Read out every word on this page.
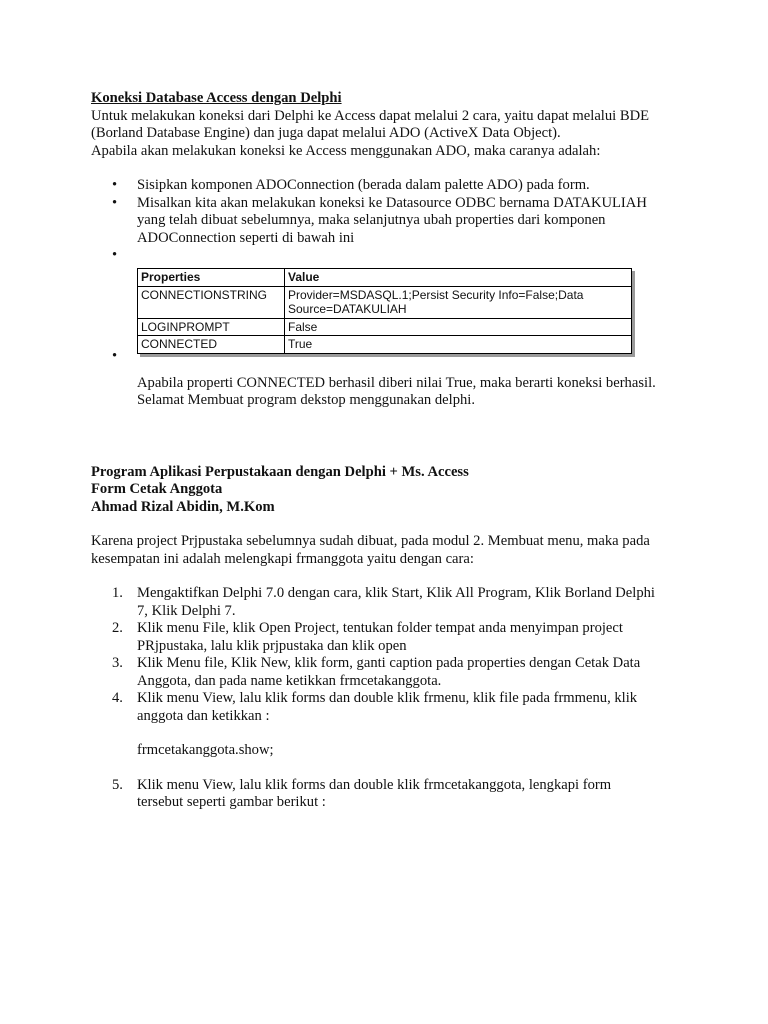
Koneksi Database Access dengan Delphi
Untuk melakukan koneksi dari Delphi ke Access dapat melalui 2 cara, yaitu dapat melalui BDE
(Borland Database Engine) dan juga dapat melalui ADO (ActiveX Data Object).
Apabila akan melakukan koneksi ke Access menggunakan ADO, maka caranya adalah:
• Sisipkan komponen ADOConnection (berada dalam palette ADO) pada form.
• Misalkan kita akan melakukan koneksi ke Datasource ODBC bernama DATAKULIAH
yang telah dibuat sebelumnya, maka selanjutnya ubah properties dari komponen
ADOConnection seperti di bawah ini
•
Properties	Value
CONNECTIONSTRING	Provider=MSDASQL.1;Persist Security Info=False;Data
Source=DATAKULIAH
LOGINPROMPT	False
CONNECTED	True
•
Apabila properti CONNECTED berhasil diberi nilai True, maka berarti koneksi berhasil.
Selamat Membuat program dekstop menggunakan delphi.
Program Aplikasi Perpustakaan dengan Delphi + Ms. Access
Form Cetak Anggota
Ahmad Rizal Abidin, M.Kom
Karena project Prjpustaka sebelumnya sudah dibuat, pada modul 2. Membuat menu, maka pada
kesempatan ini adalah melengkapi frmanggota yaitu dengan cara:
1. Mengaktifkan Delphi 7.0 dengan cara, klik Start, Klik All Program, Klik Borland Delphi
7, Klik Delphi 7.
2. Klik menu File, klik Open Project, tentukan folder tempat anda menyimpan project
PRjpustaka, lalu klik prjpustaka dan klik open
3. Klik Menu file, Klik New, klik form, ganti caption pada properties dengan Cetak Data
Anggota, dan pada name ketikkan frmcetakanggota.
4. Klik menu View, lalu klik forms dan double klik frmenu, klik file pada frmmenu, klik
anggota dan ketikkan :
frmcetakanggota.show;
5. Klik menu View, lalu klik forms dan double klik frmcetakanggota, lengkapi form
tersebut seperti gambar berikut :
